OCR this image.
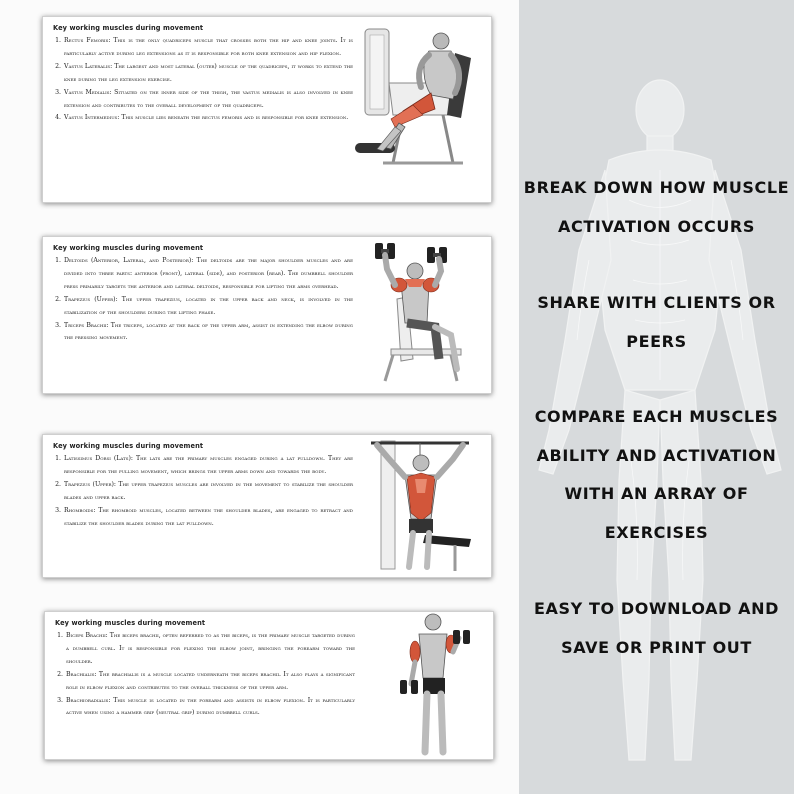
Key working muscles during movement
1. Rectus Femoris: This is the only quadriceps muscle that crosses both the hip and knee joints. It is particularly active during leg extensions as it is responsible for both knee extension and hip flexion.
2. Vastus Lateralis: The largest and most lateral (outer) muscle of the quadriceps, it works to extend the knee during the leg extension exercise.
3. Vastus Medialis: Situated on the inner side of the thigh, the vastus medialis is also involved in knee extension and contributes to the overall development of the quadriceps.
4. Vastus Intermedius: This muscle lies beneath the rectus femoris and is responsible for knee extension.
Key working muscles during movement
1. Deltoids (Anterior, Lateral, and Posterior): The deltoids are the major shoulder muscles and are divided into three parts: anterior (front), lateral (side), and posterior (rear). The dumbbell shoulder press primarily targets the anterior and lateral deltoids, responsible for lifting the arms overhead.
2. Trapezius (Upper): The upper trapezius, located in the upper back and neck, is involved in the stabilization of the shoulders during the lifting phase.
3. Triceps Brachii: The triceps, located at the back of the upper arm, assist in extending the elbow during the pressing movement.
Key working muscles during movement
1. Latissimus Dorsi (Lats): The lats are the primary muscles engaged during a lat pulldown. They are responsible for the pulling movement, which brings the upper arms down and towards the body.
2. Trapezius (Upper): The upper trapezius muscles are involved in the movement to stabilize the shoulder blades and upper back.
3. Rhomboids: The rhomboid muscles, located between the shoulder blades, are engaged to retract and stabilize the shoulder blades during the lat pulldown.
Key working muscles during movement
1. Biceps Brachii: The biceps brachii, often referred to as the biceps, is the primary muscle targeted during a dumbbell curl. It is responsible for flexing the elbow joint, bringing the forearm toward the shoulder.
2. Brachialis: The brachialis is a muscle located underneath the biceps brachii. It also plays a significant role in elbow flexion and contributes to the overall thickness of the upper arm.
3. Brachioradialis: This muscle is located in the forearm and assists in elbow flexion. It is particularly active when using a hammer grip (neutral grip) during dumbbell curls.
BREAK DOWN HOW MUSCLE
ACTIVATION OCCURS
SHARE WITH CLIENTS OR
PEERS
COMPARE EACH MUSCLES
ABILITY AND ACTIVATION
WITH AN ARRAY OF
EXERCISES
EASY TO DOWNLOAD AND
SAVE OR PRINT OUT
